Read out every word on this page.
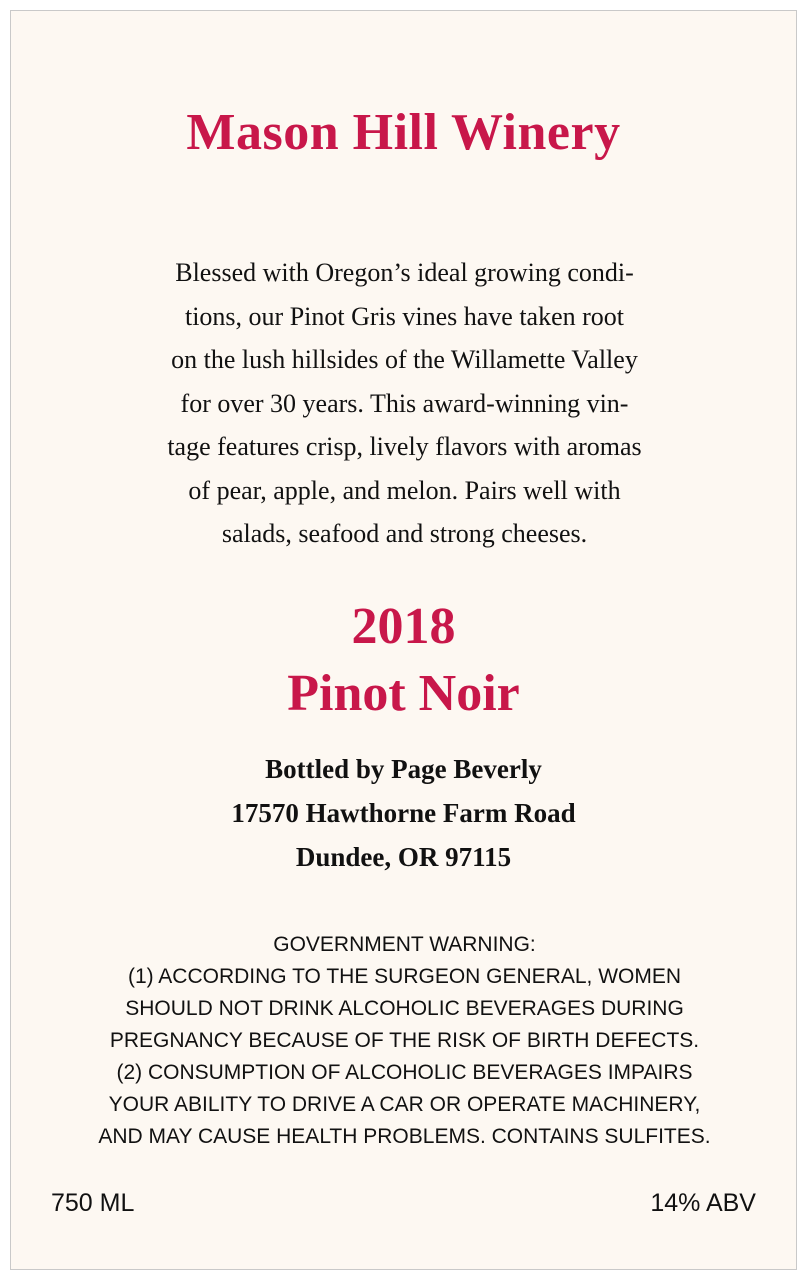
Mason Hill Winery

Blessed with Oregon’s ideal growing condi-
tions, our Pinot Gris vines have taken root
on the lush hillsides of the Willamette Valley
for over 30 years. This award-winning vin-
tage features crisp, lively flavors with aromas
of pear, apple, and melon. Pairs well with
salads, seafood and strong cheeses.

2018
Pinot Noir

Bottled by Page Beverly
17570 Hawthorne Farm Road
Dundee, OR 97115

GOVERNMENT WARNING:
(1) ACCORDING TO THE SURGEON GENERAL, WOMEN
SHOULD NOT DRINK ALCOHOLIC BEVERAGES DURING
PREGNANCY BECAUSE OF THE RISK OF BIRTH DEFECTS.
(2) CONSUMPTION OF ALCOHOLIC BEVERAGES IMPAIRS
YOUR ABILITY TO DRIVE A CAR OR OPERATE MACHINERY,
AND MAY CAUSE HEALTH PROBLEMS. CONTAINS SULFITES.

750 ML	14% ABV
